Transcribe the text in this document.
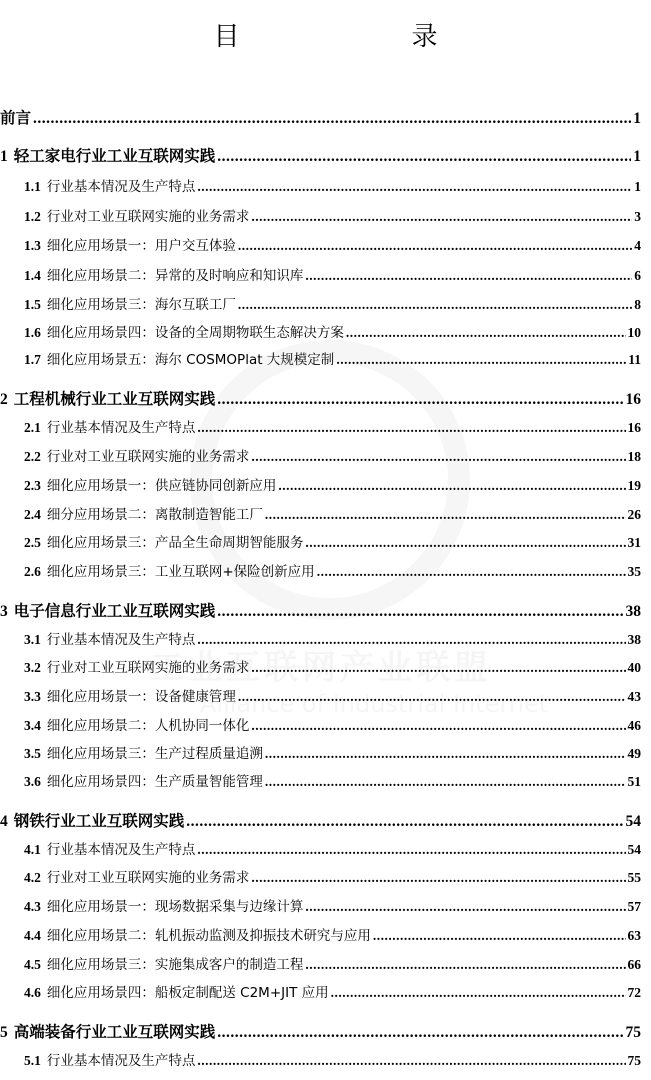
目　　录
前言 .....	1
1 轻工家电行业工业互联网实践 .....	1
1.1 行业基本情况及生产特点 .....	1
1.2 行业对工业互联网实施的业务需求 .....	3
1.3 细化应用场景一：用户交互体验 .....	4
1.4 细化应用场景二：异常的及时响应和知识库 .....	6
1.5 细化应用场景三：海尔互联工厂 .....	8
1.6 细化应用场景四：设备的全周期物联生态解决方案 .....	10
1.7 细化应用场景五：海尔 COSMOPlat 大规模定制 .....	11
2 工程机械行业工业互联网实践 .....	16
2.1 行业基本情况及生产特点 .....	16
2.2 行业对工业互联网实施的业务需求 .....	18
2.3 细化应用场景一：供应链协同创新应用 .....	19
2.4 细分应用场景二：离散制造智能工厂 .....	26
2.5 细化应用场景三：产品全生命周期智能服务 .....	31
2.6 细化应用场景三：工业互联网+保险创新应用 .....	35
3 电子信息行业工业互联网实践 .....	38
3.1 行业基本情况及生产特点 .....	38
3.2 行业对工业互联网实施的业务需求 .....	40
3.3 细化应用场景一：设备健康管理 .....	43
3.4 细化应用场景二：人机协同一体化 .....	46
3.5 细化应用场景三：生产过程质量追溯 .....	49
3.6 细化应用场景四：生产质量智能管理 .....	51
4 钢铁行业工业互联网实践 .....	54
4.1 行业基本情况及生产特点 .....	54
4.2 行业对工业互联网实施的业务需求 .....	55
4.3 细化应用场景一：现场数据采集与边缘计算 .....	57
4.4 细化应用场景二：轧机振动监测及抑振技术研究与应用 .....	63
4.5 细化应用场景三：实施集成客户的制造工程 .....	66
4.6 细化应用场景四：船板定制配送 C2M+JIT 应用 .....	72
5 高端装备行业工业互联网实践 .....	75
5.1 行业基本情况及生产特点 .....	75
